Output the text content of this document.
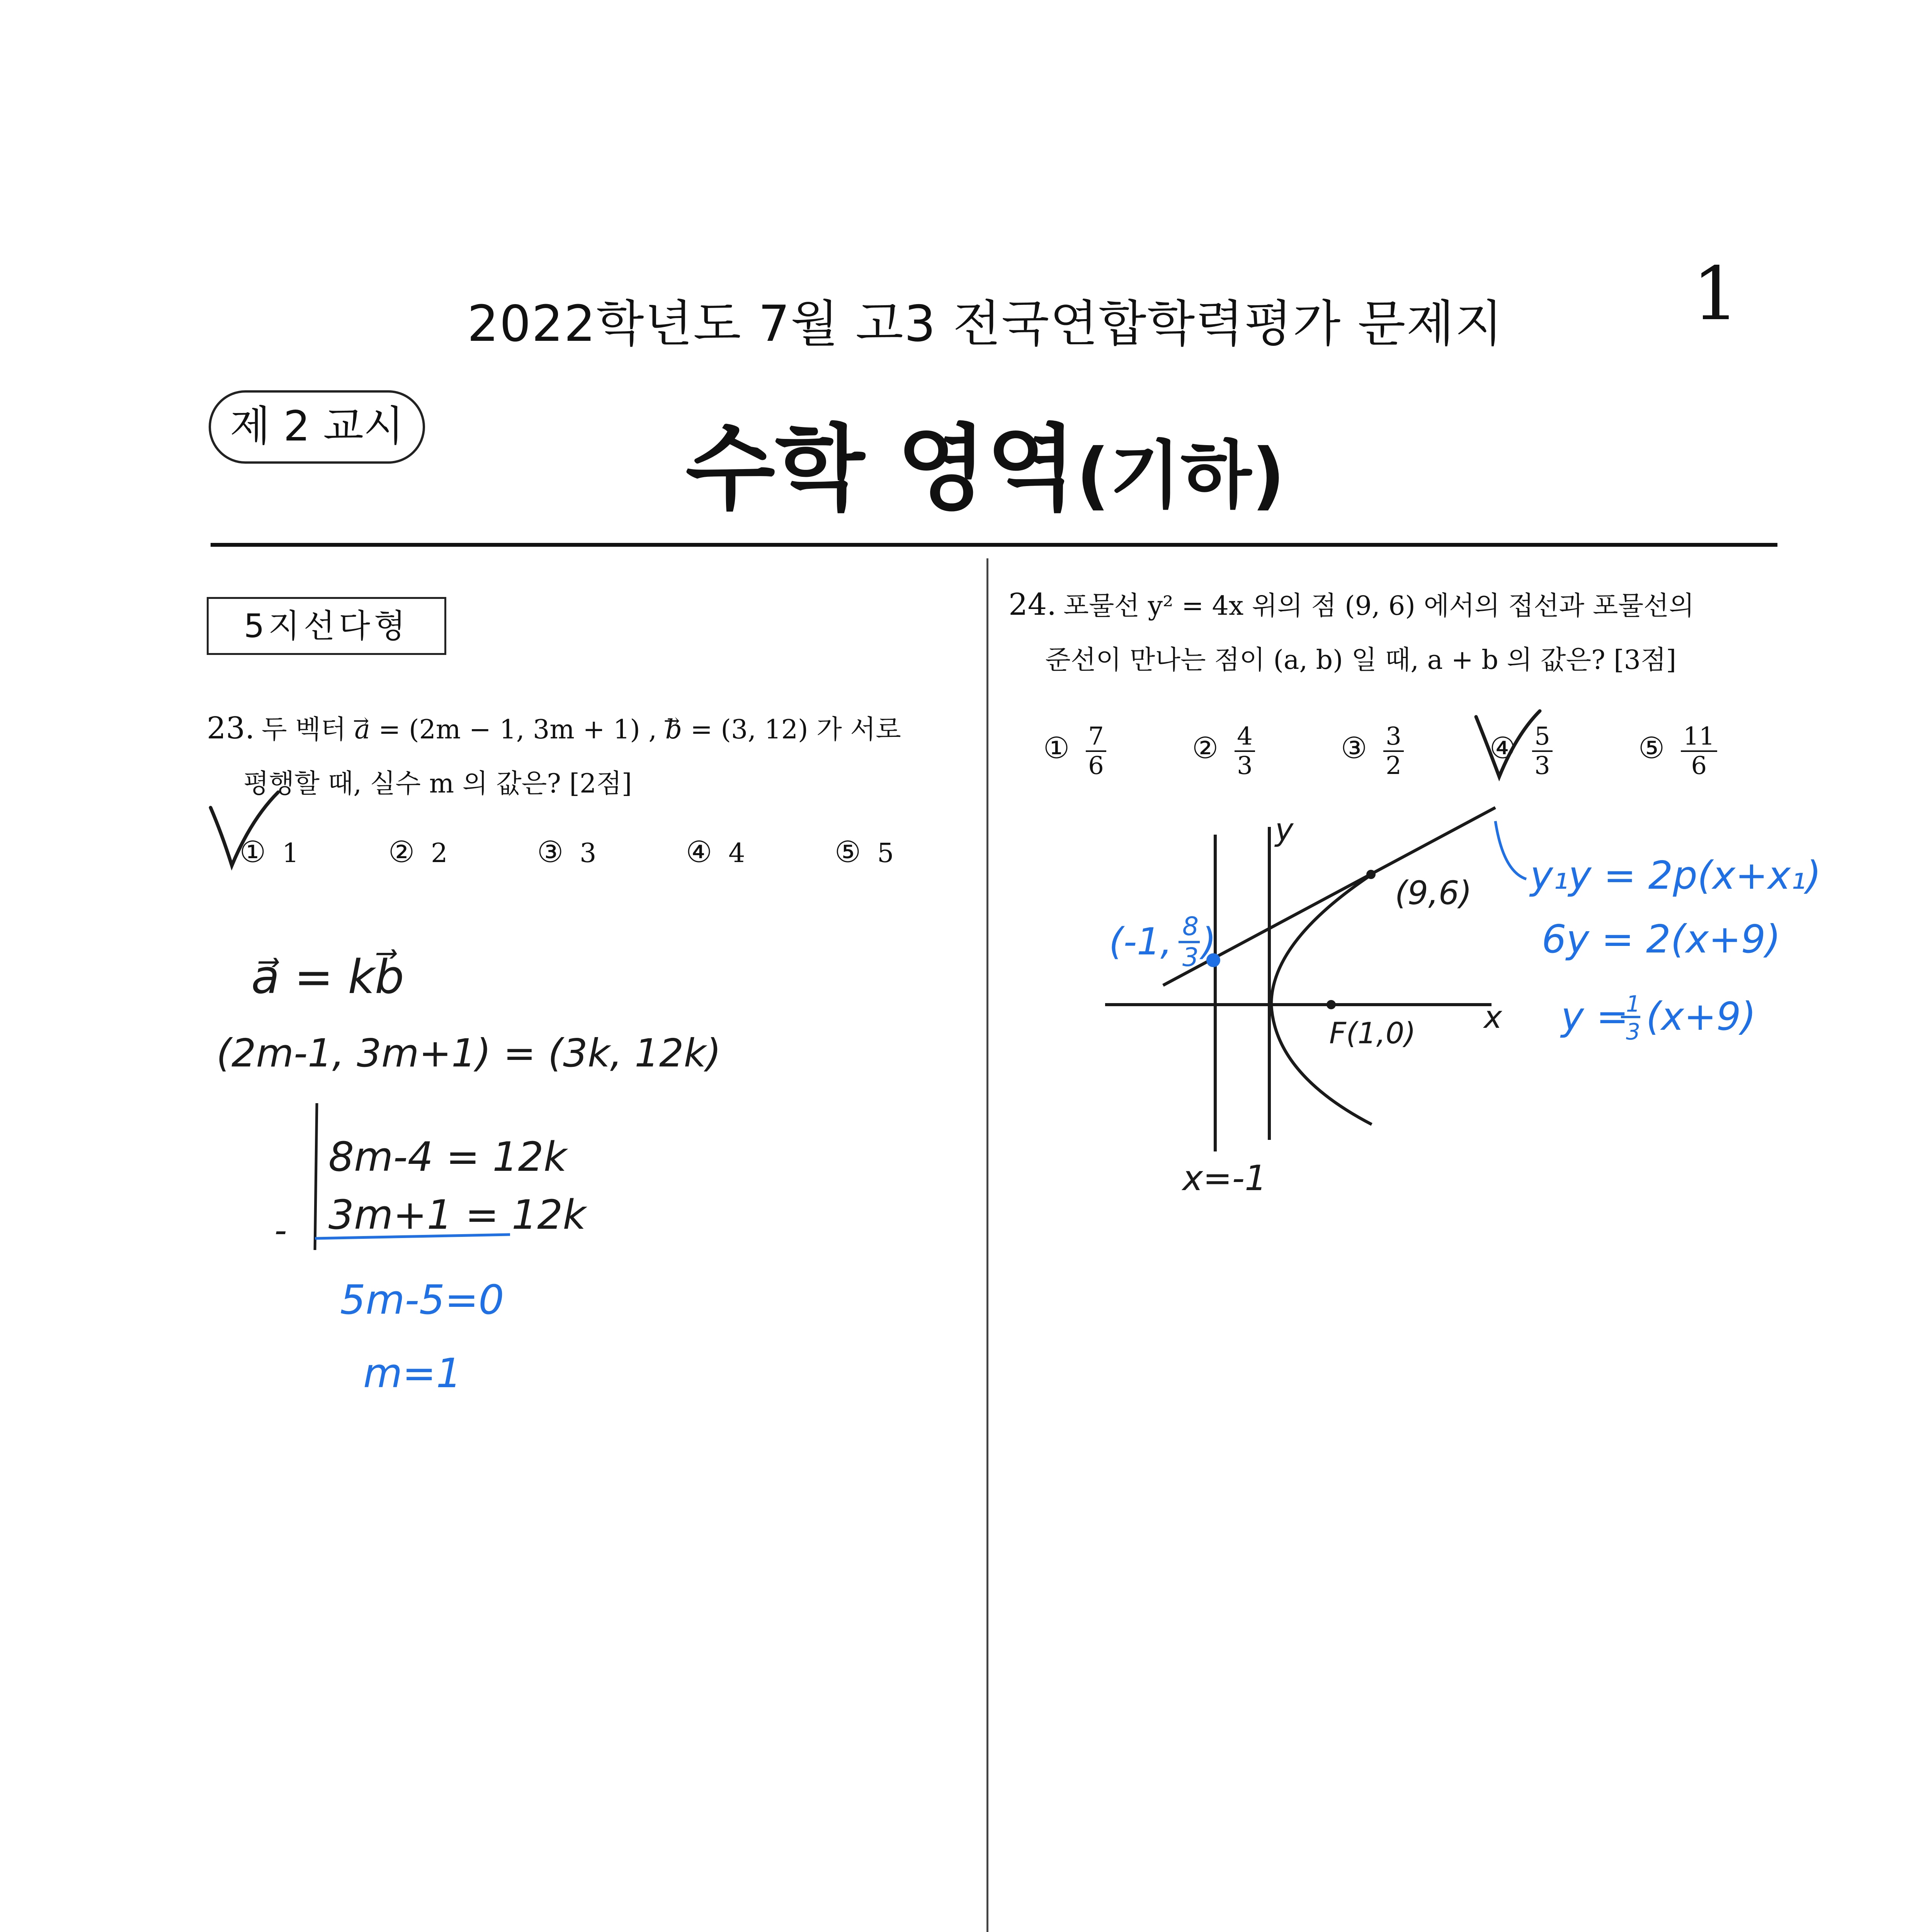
2022학년도 7월 고3 전국연합학력평가 문제지	1
제 2 교시	수학 영역(기하)
5지선다형
23. 두 벡터 → a = (2m − 1, 3m + 1) , → b = (3, 12) 가 서로
평행할 때, 실수 m 의 값은? [2점]
① 1	② 2	③ 3	④ 4	⑤ 5
24. 포물선 y² = 4x 위의 점 (9, 6) 에서의 접선과 포물선의
준선이 만나는 점이 (a, b) 일 때, a + b 의 값은? [3점]
① $\frac{7}{6}$	② $\frac{4}{3}$	③ $\frac{3}{2}$	④ $\frac{5}{3}$	⑤ $\frac{11}{6}$
a⃗ = kb⃗
(2m-1, 3m+1) = (3k, 12k)
8m-4 = 12k
3m+1 = 12k
-
5m-5=0
m=1
y
x
(9,6)
F(1,0)
x=-1
(-1, 8
3 )
y₁y = 2p(x+x₁)
6y = 2(x+9)
y =
1
3 (x+9)
